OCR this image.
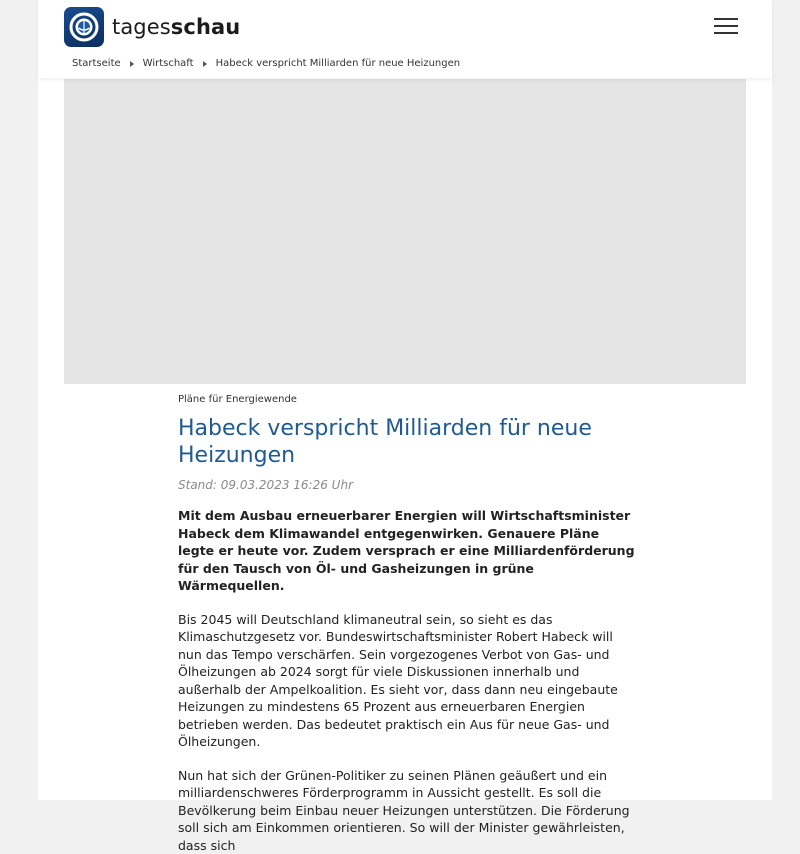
tagesschau
Startseite Wirtschaft Habeck verspricht Milliarden für neue Heizungen
Pläne für Energiewende
Habeck verspricht Milliarden für neue Heizungen
Stand: 09.03.2023 16:26 Uhr

Mit dem Ausbau erneuerbarer Energien will Wirtschaftsminister Habeck dem Klimawandel entgegenwirken. Genauere Pläne legte er heute vor. Zudem versprach er eine Milliardenförderung für den Tausch von Öl- und Gasheizungen in grüne Wärmequellen.

Bis 2045 will Deutschland klimaneutral sein, so sieht es das Klimaschutzgesetz vor. Bundeswirtschaftsminister Robert Habeck will nun das Tempo verschärfen. Sein vorgezogenes Verbot von Gas- und Ölheizungen ab 2024 sorgt für viele Diskussionen innerhalb und außerhalb der Ampelkoalition. Es sieht vor, dass dann neu eingebaute Heizungen zu mindestens 65 Prozent aus erneuerbaren Energien betrieben werden. Das bedeutet praktisch ein Aus für neue Gas- und Ölheizungen.

Nun hat sich der Grünen-Politiker zu seinen Plänen geäußert und ein milliardenschweres Förderprogramm in Aussicht gestellt. Es soll die Bevölkerung beim Einbau neuer Heizungen unterstützen. Die Förderung soll sich am Einkommen orientieren. So will der Minister gewährleisten, dass sich
